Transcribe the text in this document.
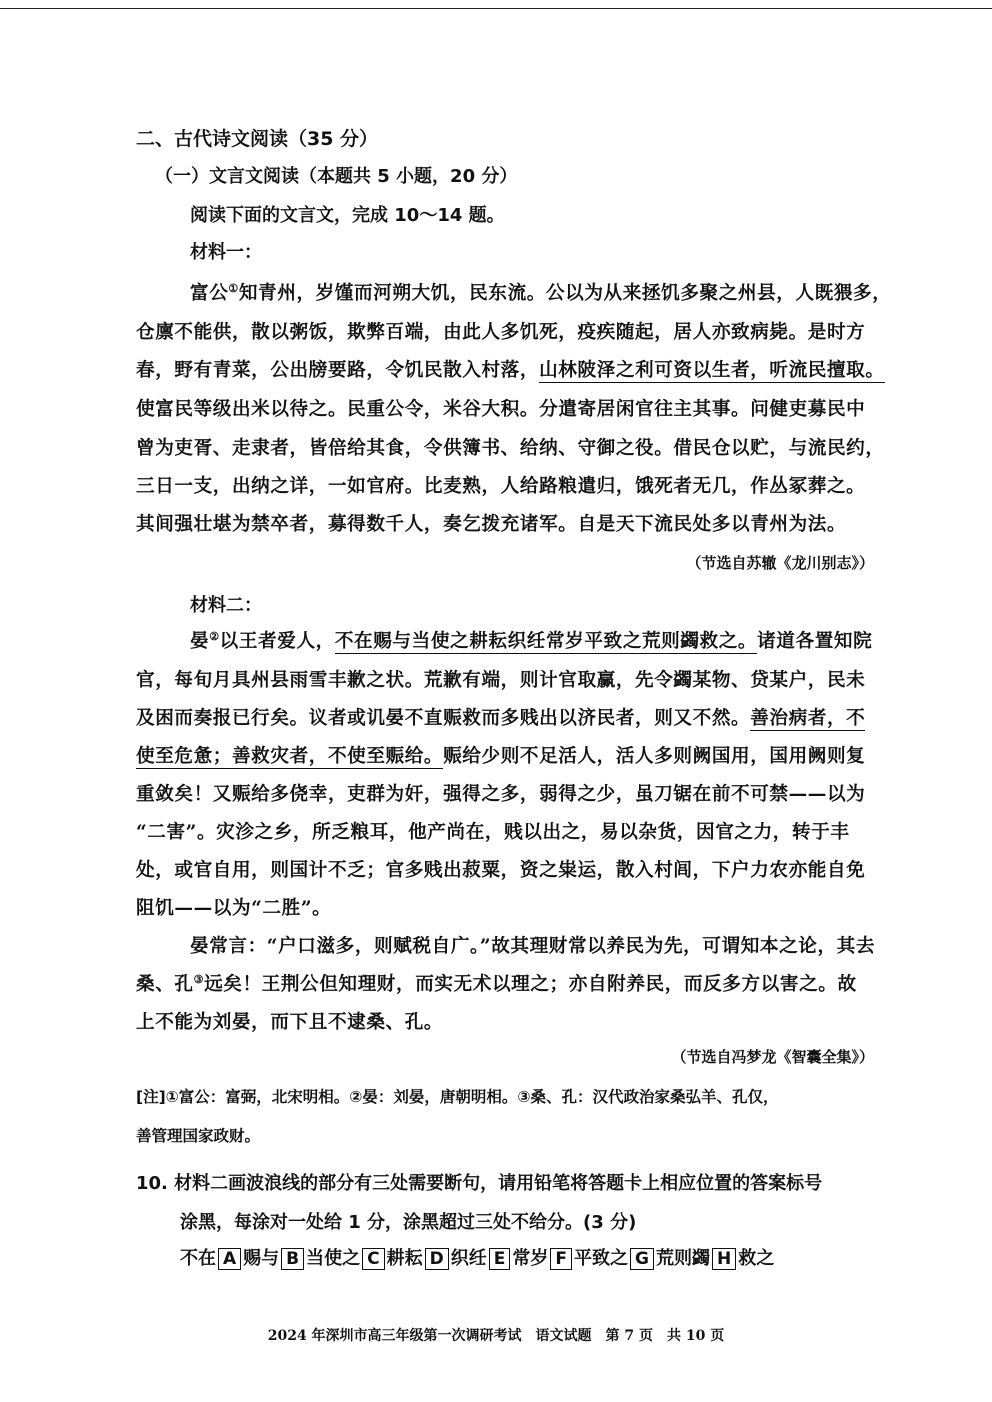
二、古代诗文阅读（35 分）
（一）文言文阅读（本题共 5 小题，20 分）
阅读下面的文言文，完成 10～14 题。
材料一：
富公①知青州，岁馑而河朔大饥，民东流。公以为从来拯饥多聚之州县，人既猥多，
仓廪不能供，散以粥饭，欺弊百端，由此人多饥死，疫疾随起，居人亦致病毙。是时方
春，野有青菜，公出牓要路，令饥民散入村落，山林陂泽之利可资以生者，听流民擅取。
使富民等级出米以待之。民重公令，米谷大积。分遣寄居闲官往主其事。问健吏募民中
曾为吏胥、走隶者，皆倍给其食，令供簿书、给纳、守御之役。借民仓以贮，与流民约，
三日一支，出纳之详，一如官府。比麦熟，人给路粮遣归，饿死者无几，作丛冢葬之。
其间强壮堪为禁卒者，募得数千人，奏乞拨充诸军。自是天下流民处多以青州为法。
（节选自苏辙《龙川别志》）
材料二：
晏②以王者爱人，不在赐与当使之耕耘织纴常岁平致之荒则蠲救之。诸道各置知院
官，每旬月具州县雨雪丰歉之状。荒歉有端，则计官取赢，先令蠲某物、贷某户，民未
及困而奏报已行矣。议者或讥晏不直赈救而多贱出以济民者，则又不然。善治病者，不
使至危惫；善救灾者，不使至赈给。赈给少则不足活人，活人多则阙国用，国用阙则复
重敛矣！又赈给多侥幸，吏群为奸，强得之多，弱得之少，虽刀锯在前不可禁——以为
“二害”。灾沴之乡，所乏粮耳，他产尚在，贱以出之，易以杂货，因官之力，转于丰
处，或官自用，则国计不乏；官多贱出菽粟，资之粜运，散入村闾，下户力农亦能自免
阻饥——以为“二胜”。
晏常言：“户口滋多，则赋税自广。”故其理财常以养民为先，可谓知本之论，其去
桑、孔③远矣！王荆公但知理财，而实无术以理之；亦自附养民，而反多方以害之。故
上不能为刘晏，而下且不逮桑、孔。
（节选自冯梦龙《智囊全集》）
[注]①富公：富弼，北宋明相。②晏：刘晏，唐朝明相。③桑、孔：汉代政治家桑弘羊、孔仅，
善管理国家政财。
10. 材料二画波浪线的部分有三处需要断句，请用铅笔将答题卡上相应位置的答案标号
涂黑，每涂对一处给 1 分，涂黑超过三处不给分。(3 分)
不在 A 赐与 B 当使之 C 耕耘 D 织纴 E 常岁 F 平致之 G 荒则蠲 H 救之
2024 年深圳市高三年级第一次调研考试　语文试题　第 7 页　共 10 页
